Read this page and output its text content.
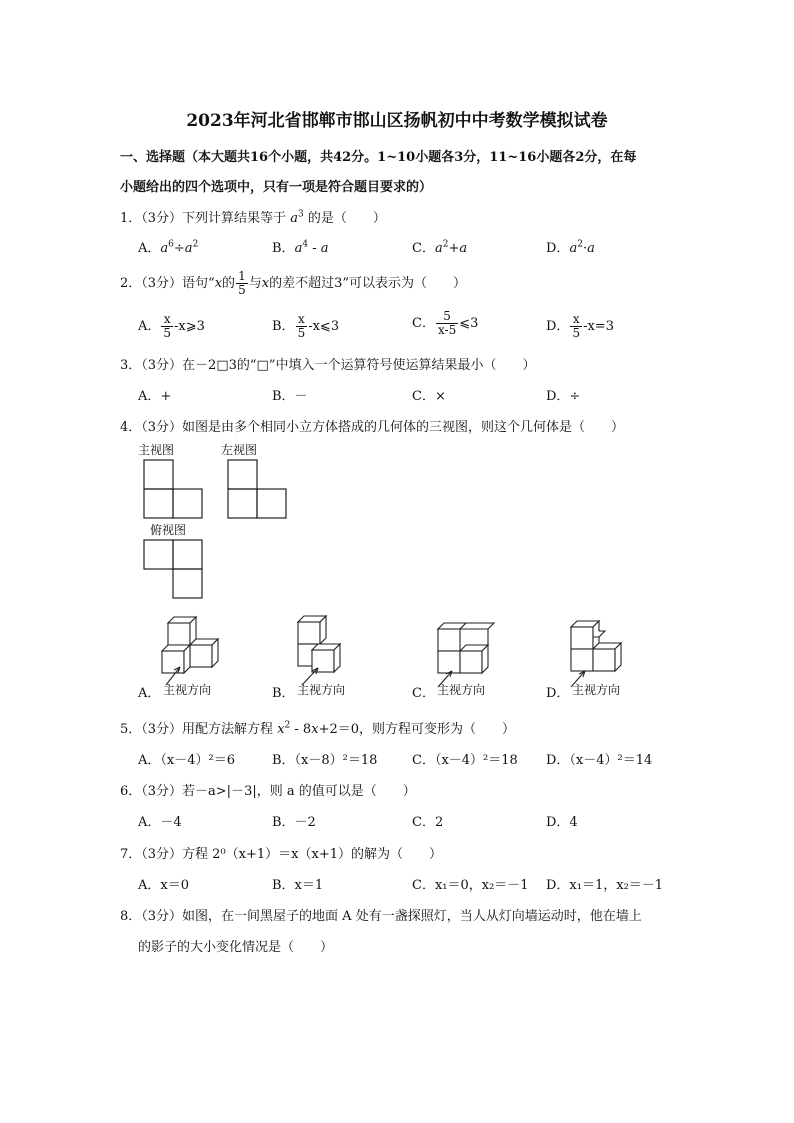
2023年河北省邯郸市邯山区扬帆初中中考数学模拟试卷
一、选择题（本大题共16个小题，共42分。1~10小题各3分，11~16小题各2分，在每
小题给出的四个选项中，只有一项是符合题目要求的）
1．（3分）下列计算结果等于 $a^3$ 的是（　　）
A．$a^6\div a^2$	B．$a^4$ - a	C．$a^2+a$	D．$a^2\cdot a$
2．（3分）语句“x的 $\frac{1}{5}$ 与x的差不超过3”可以表示为（　　）
A． $\frac{x}{5}$ -x⩾3	B． $\frac{x}{5}$ -x⩽3	C． $\frac{5}{x-5}$ ⩽3	D． $\frac{x}{5} -x=3$
3．（3分）在－2□3的“□”中填入一个运算符号使运算结果最小（　　）
A．+	B．－	C．×	D．÷
4．（3分）如图是由多个相同小立方体搭成的几何体的三视图，则这个几何体是（　　）
主视图	左视图
俯视图
A． 主视方向	B． 主视方向	C． 主视方向	D． 主视方向
5．（3分）用配方法解方程 $x^2 - 8x+2=0$，则方程可变形为（　　）
A．（x－4）²＝6	B．（x－8）²＝18	C．（x－4）²＝18 D．（x－4）²＝14
6．（3分）若－a>|－3|，则 a 的值可以是（　　）
A．－4	B．－2	C．2	D．4
7．（3分）方程 2⁰（x+1）＝x（x+1）的解为（　　）
A．x＝0	B．x＝1	C．x₁＝0，x₂＝－1 D．x₁＝1，x₂＝－1
8．（3分）如图，在一间黑屋子的地面 A 处有一盏探照灯，当人从灯向墙运动时，他在墙上
的影子的大小变化情况是（　　）
